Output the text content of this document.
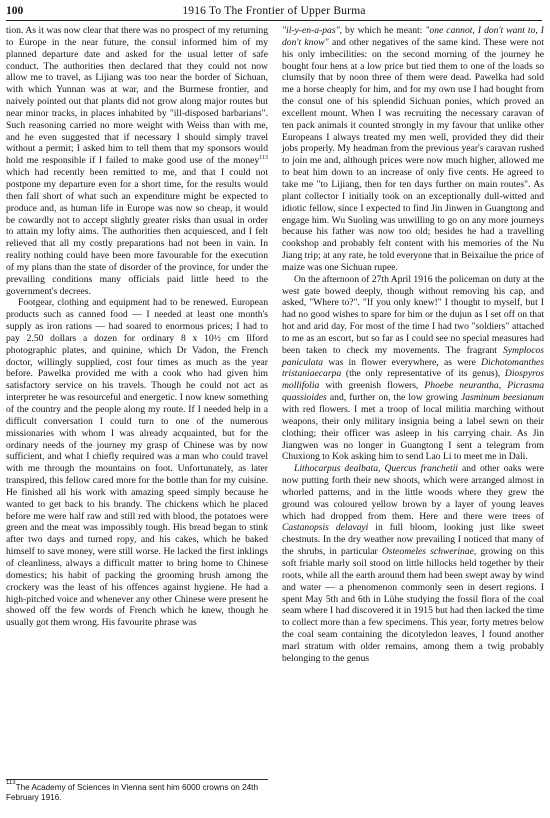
100	1916 To The Frontier of Upper Burma

tion. As it was now clear that there was no prospect of my returning to Europe in the near future, the consul informed him of my planned departure date and asked for the usual letter of safe conduct. The authorities then declared that they could not now allow me to travel, as Lijiang was too near the border of Sichuan, with which Yunnan was at war, and the Burmese frontier, and naively pointed out that plants did not grow along major routes but near minor tracks, in places inhabited by "ill-disposed barbarians". Such reasoning carried no more weight with Weiss than with me, and he even suggested that if necessary I should simply travel without a permit; I asked him to tell them that my sponsors would hold me responsible if I failed to make good use of the money$^{113}$ which had recently been remitted to me, and that I could not postpone my departure even for a short time, for the results would then fall short of what such an expenditure might be expected to produce and, as human life in Europe was now so cheap, it would be cowardly not to accept slightly greater risks than usual in order to attain my lofty aims. The authorities then acquiesced, and I felt relieved that all my costly preparations had not been in vain. In reality nothing could have been more favourable for the execution of my plans than the state of disorder of the province, for under the prevailing conditions many officials paid little heed to the government's decrees.

Footgear, clothing and equipment had to be renewed. European products such as canned food — I needed at least one month's supply as iron rations — had soared to enormous prices; I had to pay 2.50 dollars a dozen for ordinary 8 x 10½ cm Ilford photographic plates, and quinine, which Dr Vadon, the French doctor, willingly supplied, cost four times as much as the year before. Pawelka provided me with a cook who had given him satisfactory service on his travels. Though he could not act as interpreter he was resourceful and energetic. I now knew something of the country and the people along my route. If I needed help in a difficult conversation I could turn to one of the numerous missionaries with whom I was already acquainted, but for the ordinary needs of the journey my grasp of Chinese was by now sufficient, and what I chiefly required was a man who could travel with me through the mountains on foot. Unfortunately, as later transpired, this fellow cared more for the bottle than for my cuisine. He finished all his work with amazing speed simply because he wanted to get back to his brandy. The chickens which he placed before me were half raw and still red with blood, the potatoes were green and the meat was impossibly tough. His bread began to stink after two days and turned ropy, and his cakes, which he baked himself to save money, were still worse. He lacked the first inklings of cleanliness, always a difficult matter to bring home to Chinese domestics; his habit of packing the grooming brush among the crockery was the least of his offences against hygiene. He had a high-pitched voice and whenever any other Chinese were present he showed off the few words of French which he knew, though he usually got them wrong. His favourite phrase was

"il-y-en-a-pas", by which he meant: "one cannot, I don't want to, I don't know" and other negatives of the same kind. These were not his only imbecilities: on the second morning of the journey he bought four hens at a low price but tied them to one of the loads so clumsily that by noon three of them were dead. Pawelka had sold me a horse cheaply for him, and for my own use I had bought from the consul one of his splendid Sichuan ponies, which proved an excellent mount. When I was recruiting the necessary caravan of ten pack animals it counted strongly in my favour that unlike other Europeans I always treated my men well, provided they did their jobs properly. My headman from the previous year's caravan rushed to join me and, although prices were now much higher, allowed me to beat him down to an increase of only five cents. He agreed to take me "to Lijiang, then for ten days further on main routes". As plant collector I initially took on an exceptionally dull-witted and idiotic fellow, since I expected to find Jin Jinwen in Guangtong and engage him. Wu Suoling was unwilling to go on any more journeys because his father was now too old; besides he had a travelling cookshop and probably felt content with his memories of the Nu Jiang trip; at any rate, he told everyone that in Beixailue the price of maize was one Sichuan rupee.

On the afternoon of 27th April 1916 the policeman on duty at the west gate bowed deeply, though without removing his cap, and asked, "Where to?". "If you only knew!" I thought to myself, but I had no good wishes to spare for him or the dujun as I set off on that hot and arid day. For most of the time I had two "soldiers" attached to me as an escort, but so far as I could see no special measures had been taken to check my movements. The fragrant Symplocos paniculata was in flower everywhere, as were Dichotomanthes tristaniaecarpa (the only representative of its genus), Diospyros mollifolia with greenish flowers, Phoebe neurantha, Picrasma quassioides and, further on, the low growing Jasminum beesianum with red flowers. I met a troop of local militia marching without weapons, their only military insignia being a label sewn on their clothing; their officer was asleep in his carrying chair. As Jin Jiangwen was no longer in Guangtong I sent a telegram from Chuxiong to Kok asking him to send Lao Li to meet me in Dali.

Lithocarpus dealbata, Quercus franchetii and other oaks were now putting forth their new shoots, which were arranged almost in whorled patterns, and in the little woods where they grew the ground was coloured yellow brown by a layer of young leaves which had dropped from them. Here and there were trees of Castanopsis delavayi in full bloom, looking just like sweet chestnuts. In the dry weather now prevailing I noticed that many of the shrubs, in particular Osteomeles schwerinae, growing on this soft friable marly soil stood on little hillocks held together by their roots, while all the earth around them had been swept away by wind and water — a phenomenon commonly seen in desert regions. I spent May 5th and 6th in Lühe studying the fossil flora of the coal seam where I had discovered it in 1915 but had then lacked the time to collect more than a few specimens. This year, forty metres below the coal seam containing the dicotyledon leaves, I found another marl stratum with older remains, among them a twig probably belonging to the genus

$^{113}$The Academy of Sciences in Vienna sent him 6000 crowns on 24th February 1916.
